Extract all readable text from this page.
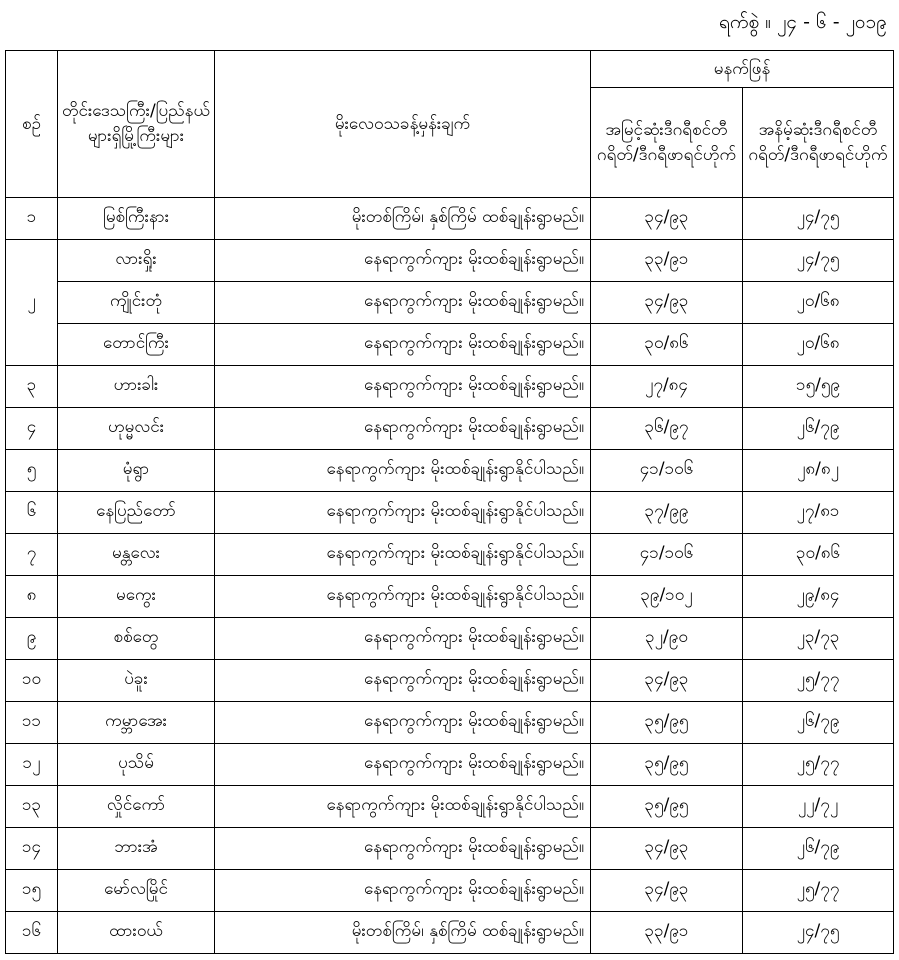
ရက်စွဲ ။ ၂၄ - ၆ - ၂၀၁၉
စဉ်	တိုင်းဒေသကြီး/ပြည်နယ်များရှိမြို့ကြီးများ	မိုးလေဝသခန့်မှန်းချက်	မနက်ဖြန်	
			အမြင့်ဆုံးဒီဂရီစင်တီဂရိတ်/ဒီဂရီဖာရင်ဟိုက်	အနိမ့်ဆုံးဒီဂရီစင်တီဂရိတ်/ဒီဂရီဖာရင်ဟိုက်
၁	မြစ်ကြီးနား	မိုးတစ်ကြိမ်၊ နှစ်ကြိမ် ထစ်ချုန်းရွာမည်။	၃၄/၉၃	၂၄/၇၅
၂	လားရှိုး	နေရာကွက်ကျား မိုးထစ်ချုန်းရွာမည်။	၃၃/၉၁	၂၄/၇၅
	ကျိုင်းတုံ	နေရာကွက်ကျား မိုးထစ်ချုန်းရွာမည်။	၃၄/၉၃	၂၀/၆၈
	တောင်ကြီး	နေရာကွက်ကျား မိုးထစ်ချုန်းရွာမည်။	၃၀/၈၆	၂၀/၆၈
၃	ဟားခါး	နေရာကွက်ကျား မိုးထစ်ချုန်းရွာမည်။	၂၇/၈၄	၁၅/၅၉
၄	ဟုမ္မလင်း	နေရာကွက်ကျား မိုးထစ်ချုန်းရွာမည်။	၃၆/၉၇	၂၆/၇၉
၅	မုံရွာ	နေရာကွက်ကျား မိုးထစ်ချုန်းရွာနိုင်ပါသည်။	၄၁/၁၀၆	၂၈/၈၂
၆	နေပြည်တော်	နေရာကွက်ကျား မိုးထစ်ချုန်းရွာနိုင်ပါသည်။	၃၇/၉၉	၂၇/၈၁
၇	မန္တလေး	နေရာကွက်ကျား မိုးထစ်ချုန်းရွာနိုင်ပါသည်။	၄၁/၁၀၆	၃၀/၈၆
၈	မကွေး	နေရာကွက်ကျား မိုးထစ်ချုန်းရွာနိုင်ပါသည်။	၃၉/၁၀၂	၂၉/၈၄
၉	စစ်တွေ	နေရာကွက်ကျား မိုးထစ်ချုန်းရွာမည်။	၃၂/၉၀	၂၃/၇၃
၁၀	ပဲခူး	နေရာကွက်ကျား မိုးထစ်ချုန်းရွာမည်။	၃၄/၉၃	၂၅/၇၇
၁၁	ကမ္ဘာအေး	နေရာကွက်ကျား မိုးထစ်ချုန်းရွာမည်။	၃၅/၉၅	၂၆/၇၉
၁၂	ပုသိမ်	နေရာကွက်ကျား မိုးထစ်ချုန်းရွာမည်။	၃၅/၉၅	၂၅/၇၇
၁၃	လှိုင်ကော်	နေရာကွက်ကျား မိုးထစ်ချုန်းရွာနိုင်ပါသည်။	၃၅/၉၅	၂၂/၇၂
၁၄	ဘားအံ	နေရာကွက်ကျား မိုးထစ်ချုန်းရွာမည်။	၃၄/၉၃	၂၆/၇၉
၁၅	မော်လမြိုင်	နေရာကွက်ကျား မိုးထစ်ချုန်းရွာမည်။	၃၄/၉၃	၂၅/၇၇
၁၆	ထားဝယ်	မိုးတစ်ကြိမ်၊ နှစ်ကြိမ် ထစ်ချုန်းရွာမည်။	၃၃/၉၁	၂၄/၇၅
